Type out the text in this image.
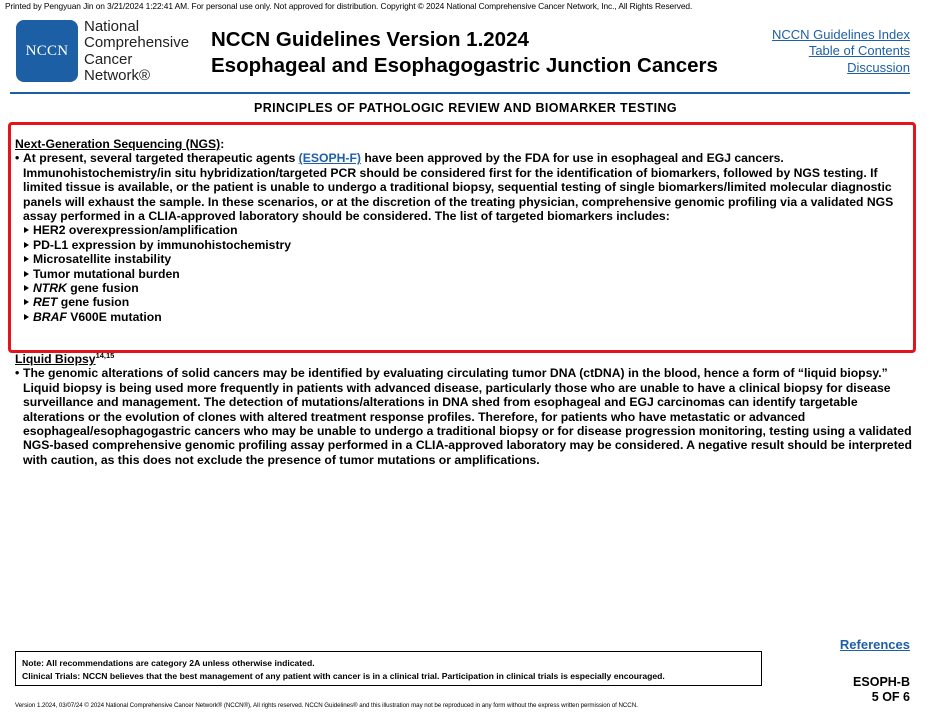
Printed by Pengyuan Jin on 3/21/2024 1:22:41 AM. For personal use only. Not approved for distribution. Copyright © 2024 National Comprehensive Cancer Network, Inc., All Rights Reserved.
NCCN
National
Comprehensive
Cancer
Network®
NCCN Guidelines Version 1.2024
Esophageal and Esophagogastric Junction Cancers
NCCN Guidelines Index
Table of Contents
Discussion
PRINCIPLES OF PATHOLOGIC REVIEW AND BIOMARKER TESTING
Next-Generation Sequencing (NGS):
• At present, several targeted therapeutic agents (ESOPH-F) have been approved by the FDA for use in esophageal and EGJ cancers. Immunohistochemistry/in situ hybridization/targeted PCR should be considered first for the identification of biomarkers, followed by NGS testing. If limited tissue is available, or the patient is unable to undergo a traditional biopsy, sequential testing of single biomarkers/limited molecular diagnostic panels will exhaust the sample. In these scenarios, or at the discretion of the treating physician, comprehensive genomic profiling via a validated NGS assay performed in a CLIA-approved laboratory should be considered. The list of targeted biomarkers includes:
HER2 overexpression/amplification
PD-L1 expression by immunohistochemistry
Microsatellite instability
Tumor mutational burden
NTRK gene fusion
RET gene fusion
BRAF V600E mutation
Liquid Biopsy$^{14,15}$
• The genomic alterations of solid cancers may be identified by evaluating circulating tumor DNA (ctDNA) in the blood, hence a form of “liquid biopsy.” Liquid biopsy is being used more frequently in patients with advanced disease, particularly those who are unable to have a clinical biopsy for disease surveillance and management. The detection of mutations/alterations in DNA shed from esophageal and EGJ carcinomas can identify targetable alterations or the evolution of clones with altered treatment response profiles. Therefore, for patients who have metastatic or advanced esophageal/esophagogastric cancers who may be unable to undergo a traditional biopsy or for disease progression monitoring, testing using a validated NGS-based comprehensive genomic profiling assay performed in a CLIA-approved laboratory may be considered. A negative result should be interpreted with caution, as this does not exclude the presence of tumor mutations or amplifications.
References
Note: All recommendations are category 2A unless otherwise indicated.
Clinical Trials: NCCN believes that the best management of any patient with cancer is in a clinical trial. Participation in clinical trials is especially encouraged.	ESOPH-B
5 OF 6
Version 1.2024, 03/07/24 © 2024 National Comprehensive Cancer Network® (NCCN®), All rights reserved. NCCN Guidelines® and this illustration may not be reproduced in any form without the express written permission of NCCN.
